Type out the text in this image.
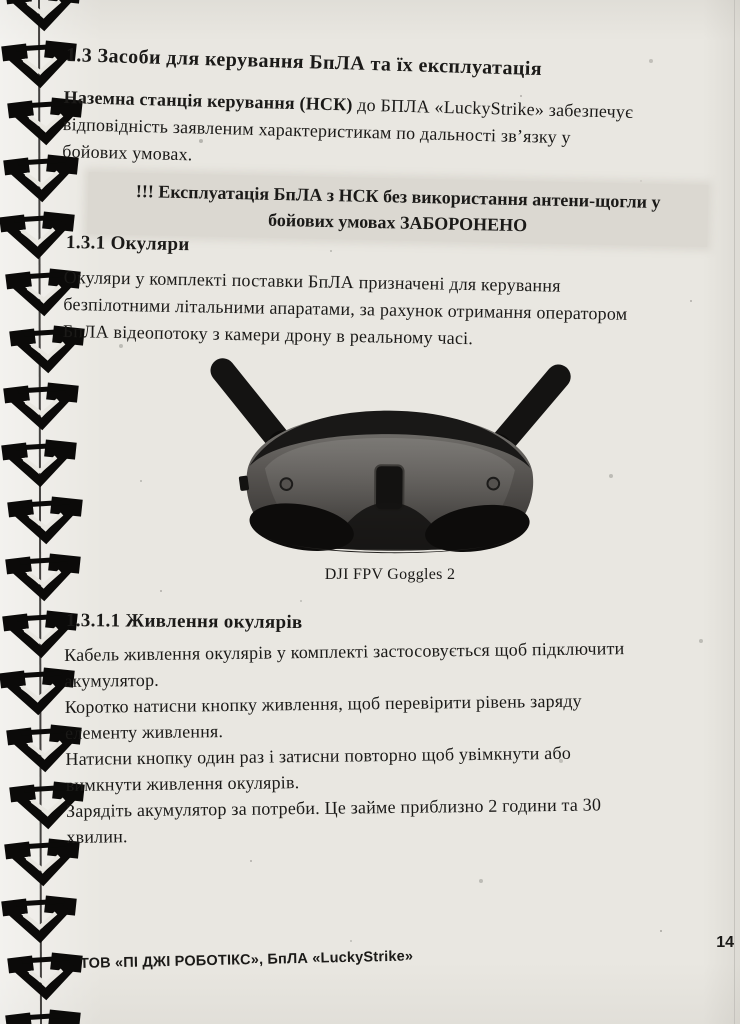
1.3 Засоби для керування БпЛА та їх експлуатація
Наземна станція керування (НСК) до БПЛА «LuckyStrike» забезпечує
відповідність заявленим характеристикам по дальності зв’язку у
бойових умовах.
!!! Експлуатація БпЛА з НСК без використання антени-щогли у
бойових умовах ЗАБОРОНЕНО
1.3.1 Окуляри
Окуляри у комплекті поставки БпЛА призначені для керування
безпілотними літальними апаратами, за рахунок отримання оператором
БпЛА відеопотоку з камери дрону в реальному часі.
DJI FPV Goggles 2
1.3.1.1 Живлення окулярів

Кабель живлення окулярів у комплекті застосовується щоб підключити
акумулятор.

Коротко натисни кнопку живлення, щоб перевірити рівень заряду
елементу живлення.

Натисни кнопку один раз і затисни повторно щоб увімкнути або
вимкнути живлення окулярів.

Зарядіть акумулятор за потреби. Це займе приблизно 2 години та 30
хвилин.

ТОВ «ПІ ДЖІ РОБОТІКС», БпЛА «LuckyStrike»
14
